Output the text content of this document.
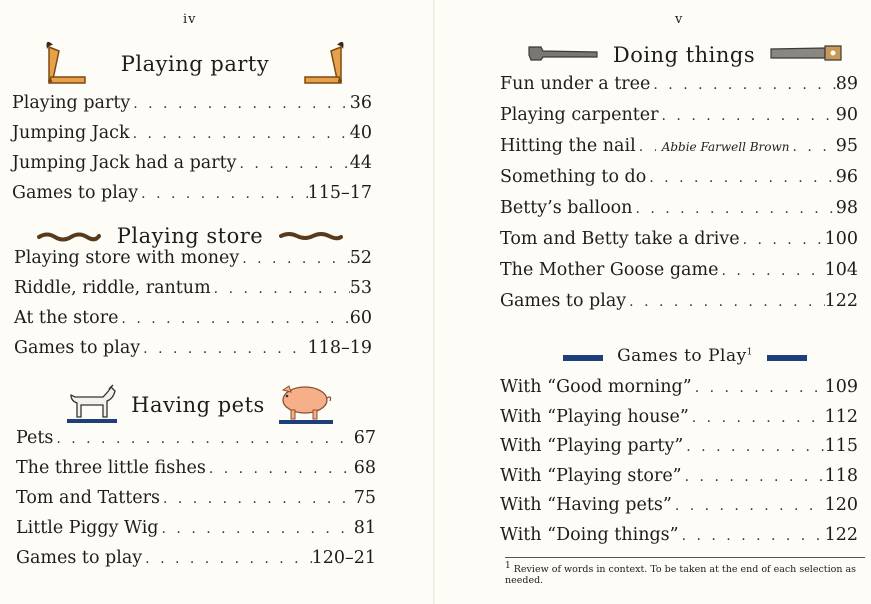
iv
Playing party
Playing party . . .	36
Jumping Jack . . .	40
Jumping Jack had a party . . .	44
Games to play . . .	115–17
Playing store
Playing store with money . . .	52
Riddle, riddle, rantum . . .	53
At the store . . .	60
Games to play . . .	118–19
Having pets
Pets . . .	67
The three little fishes . . .	68
Tom and Tatters . . .	75
Little Piggy Wig . . .	81
Games to play . . .	120–21
v
Doing things
Fun under a tree . . .	89
Playing carpenter . . .	90
Hitting the nail . . .	Abbie Farwell Brown . . .	95
Something to do . . .	96
Betty’s balloon . . .	98
Tom and Betty take a drive . . .	100
The Mother Goose game . . .	104
Games to play . . .	122
Games to Play$^1$
With “Good morning” . . .	109
With “Playing house” . . .	112
With “Playing party” . . .	115
With “Playing store” . . .	118
With “Having pets” . . .	120
With “Doing things” . . .	122
$^1$ Review of words in context. To be taken at the end of each selection as needed.
